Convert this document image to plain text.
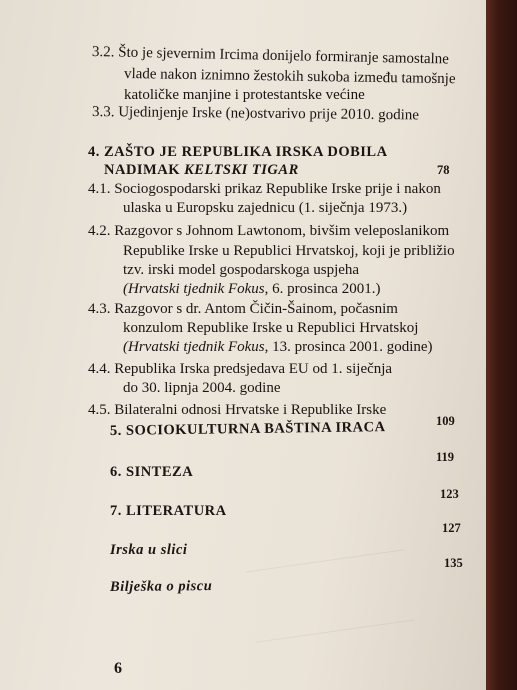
3.2. Što je sjevernim Ircima donijelo formiranje samostalne
vlade nakon iznimno žestokih sukoba između tamošnje
katoličke manjine i protestantske većine
3.3. Ujedinjenje Irske (ne)ostvarivo prije 2010. godine
4. ZAŠTO JE REPUBLIKA IRSKA DOBILA
NADIMAK KELTSKI TIGAR	78
4.1. Sociogospodarski prikaz Republike Irske prije i nakon
ulaska u Europsku zajednicu (1. siječnja 1973.)
4.2. Razgovor s Johnom Lawtonom, bivšim veleposlanikom
Republike Irske u Republici Hrvatskoj, koji je približio
tzv. irski model gospodarskoga uspjeha
(Hrvatski tjednik Fokus, 6. prosinca 2001.)
4.3. Razgovor s dr. Antom Čičin-Šainom, počasnim
konzulom Republike Irske u Republici Hrvatskoj
(Hrvatski tjednik Fokus, 13. prosinca 2001. godine)
4.4. Republika Irska predsjedava EU od 1. siječnja
do 30. lipnja 2004. godine
4.5. Bilateralni odnosi Hrvatske i Republike Irske
5. SOCIOKULTURNA BAŠTINA IRACA	109
6. SINTEZA
119
7. LITERATURA
123
Irska u slici
127
Bilješka o piscu
135
6
